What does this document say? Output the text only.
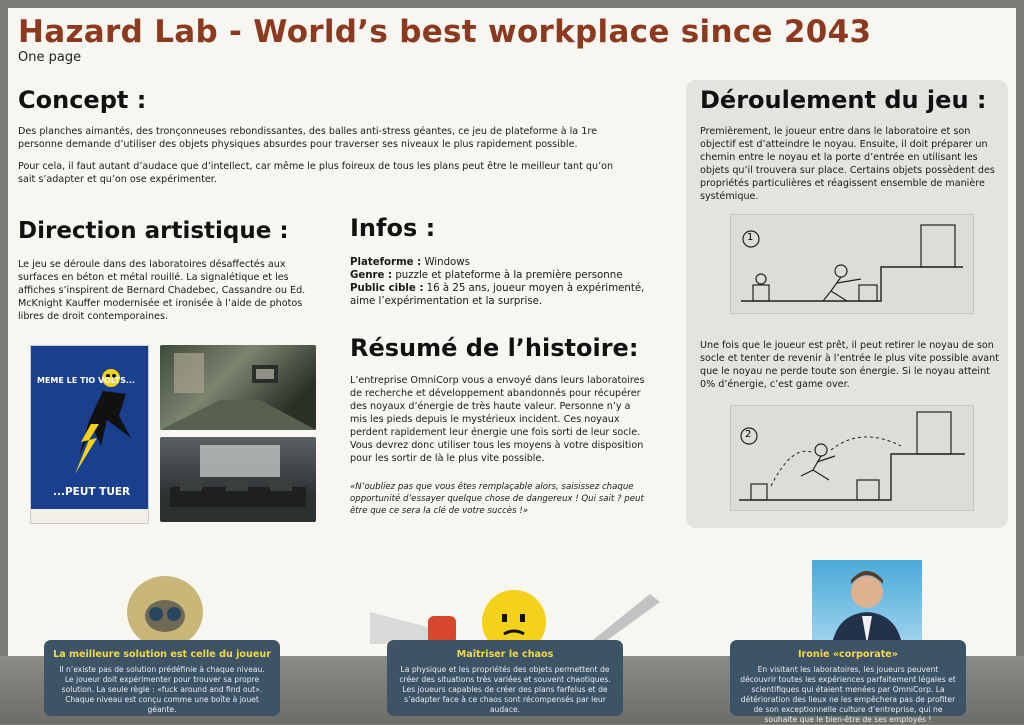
Hazard Lab - World’s best workplace since 2043
One page
Concept :

Des planches aimantés, des tronçonneuses rebondissantes, des balles anti-stress géantes, ce jeu de plateforme à la 1re personne demande d’utiliser des objets physiques absurdes pour traverser ses niveaux le plus rapidement possible.

Pour cela, il faut autant d’audace que d’intellect, car même le plus foireux de tous les plans peut être le meilleur tant qu’on sait s’adapter et qu’on ose expérimenter.

Direction artistique :
Le jeu se déroule dans des laboratoires désaffectés aux surfaces en béton et métal rouillé. La signalétique et les affiches s’inspirent de Bernard Chadebec, Cassandre ou Ed. McKnight Kauffer modernisée et ironisée à l’aide de photos libres de droit contemporaines.
MEME LE TIO VOLTS...
...PEUT TUER
Infos :
Plateforme : Windows
Genre : puzzle et plateforme à la première personne
Public cible : 16 à 25 ans, joueur moyen à expérimenté, aime l’expérimentation et la surprise.
Résumé de l’histoire:
L’entreprise OmniCorp vous a envoyé dans leurs laboratoires de recherche et développement abandonnés pour récupérer des noyaux d’énergie de très haute valeur. Personne n’y a mis les pieds depuis le mystérieux incident. Ces noyaux perdent rapidement leur énergie une fois sorti de leur socle. Vous devrez donc utiliser tous les moyens à votre disposition pour les sortir de là le plus vite possible.
«N’oubliez pas que vous êtes remplaçable alors, saisissez chaque opportunité d’essayer quelque chose de dangereux ! Qui sait ? peut être que ce sera la clé de votre succès !»
Déroulement du jeu :
Premièrement, le joueur entre dans le laboratoire et son objectif est d’atteindre le noyau. Ensuite, il doit préparer un chemin entre le noyau et la porte d’entrée en utilisant les objets qu’il trouvera sur place. Certains objets possèdent des propriétés particulières et réagissent ensemble de manière systémique.
1
Une fois que le joueur est prêt, il peut retirer le noyau de son socle et tenter de revenir à l’entrée le plus vite possible avant que le noyau ne perde toute son énergie. Si le noyau atteint 0% d’énergie, c’est game over.
2
La meilleure solution est celle du joueur
Il n’existe pas de solution prédéfinie à chaque niveau. Le joueur doit expérimenter pour trouver sa propre solution. La seule règle : «fuck around and find out». Chaque niveau est conçu comme une boîte à jouet géante.
Maîtriser le chaos
La physique et les propriétés des objets permettent de créer des situations très variées et souvent chaotiques. Les joueurs capables de créer des plans farfelus et de s’adapter face à ce chaos sont récompensés par leur audace.
Ironie «corporate»
En visitant les laboratoires, les joueurs peuvent découvrir toutes les expériences parfaitement légales et scientifiques qui étaient menées par OmniCorp. La détérioration des lieux ne les empêchera pas de profiter de son exceptionnelle culture d’entreprise, qui ne souhaite que le bien-être de ses employés !
